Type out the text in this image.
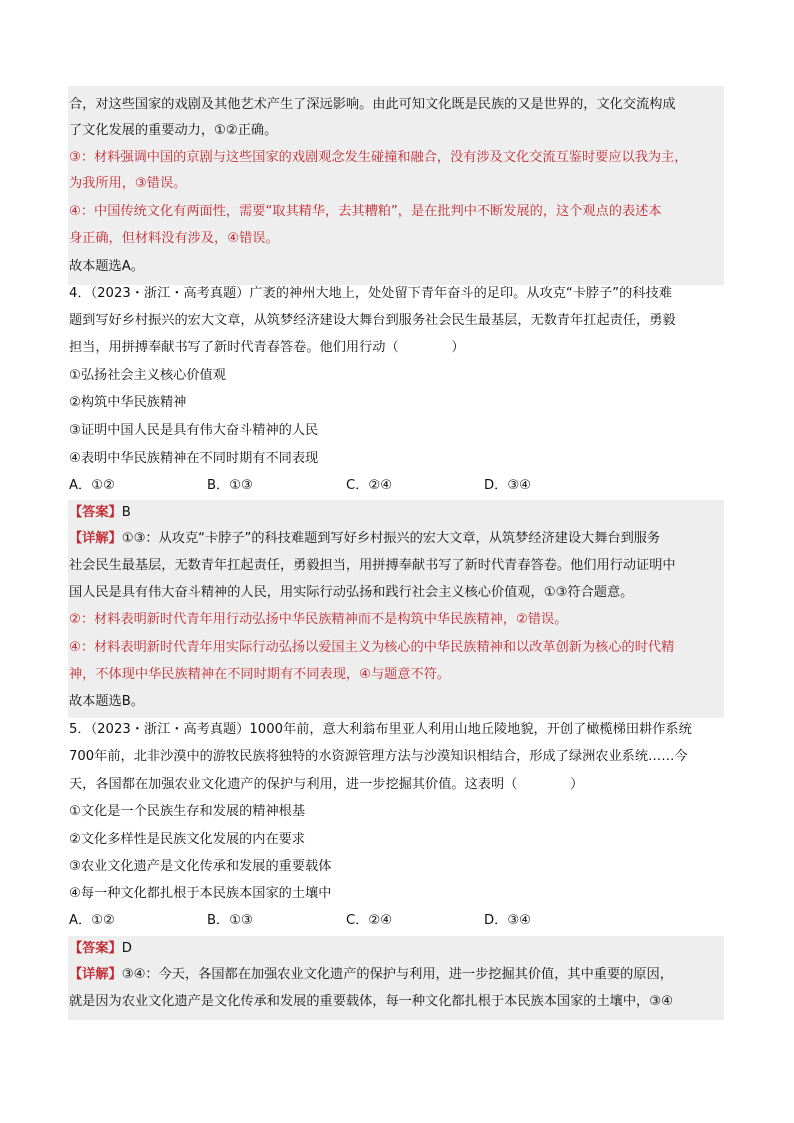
合，对这些国家的戏剧及其他艺术产生了深远影响。由此可知文化既是民族的又是世界的，文化交流构成
了文化发展的重要动力，①②正确。
③：材料强调中国的京剧与这些国家的戏剧观念发生碰撞和融合，没有涉及文化交流互鉴时要应以我为主，
为我所用，③错误。
④：中国传统文化有两面性，需要“取其精华，去其糟粕”，是在批判中不断发展的，这个观点的表述本
身正确，但材料没有涉及，④错误。
故本题选A。
4．（2023・浙江・高考真题）广袤的神州大地上，处处留下青年奋斗的足印。从攻克“卡脖子”的科技难
题到写好乡村振兴的宏大文章，从筑梦经济建设大舞台到服务社会民生最基层，无数青年扛起责任，勇毅
担当，用拼搏奉献书写了新时代青春答卷。他们用行动（　　　　）
①弘扬社会主义核心价值观
②构筑中华民族精神
③证明中国人民是具有伟大奋斗精神的人民
④表明中华民族精神在不同时期有不同表现
A．①②	B．①③	C．②④	D．③④
【答案】B
【详解】①③：从攻克“卡脖子”的科技难题到写好乡村振兴的宏大文章，从筑梦经济建设大舞台到服务
社会民生最基层，无数青年扛起责任，勇毅担当，用拼搏奉献书写了新时代青春答卷。他们用行动证明中
国人民是具有伟大奋斗精神的人民，用实际行动弘扬和践行社会主义核心价值观，①③符合题意。
②：材料表明新时代青年用行动弘扬中华民族精神而不是构筑中华民族精神，②错误。
④：材料表明新时代青年用实际行动弘扬以爱国主义为核心的中华民族精神和以改革创新为核心的时代精
神，不体现中华民族精神在不同时期有不同表现，④与题意不符。
故本题选B。
5．（2023・浙江・高考真题）1000年前，意大利翁布里亚人利用山地丘陵地貌，开创了橄榄梯田耕作系统
700年前，北非沙漠中的游牧民族将独特的水资源管理方法与沙漠知识相结合，形成了绿洲农业系统……今
天，各国都在加强农业文化遗产的保护与利用，进一步挖掘其价值。这表明（　　　　）
①文化是一个民族生存和发展的精神根基
②文化多样性是民族文化发展的内在要求
③农业文化遗产是文化传承和发展的重要载体
④每一种文化都扎根于本民族本国家的土壤中
A．①②	B．①③	C．②④	D．③④
【答案】D
【详解】③④：今天，各国都在加强农业文化遗产的保护与利用，进一步挖掘其价值，其中重要的原因，
就是因为农业文化遗产是文化传承和发展的重要载体，每一种文化都扎根于本民族本国家的土壤中，③④
